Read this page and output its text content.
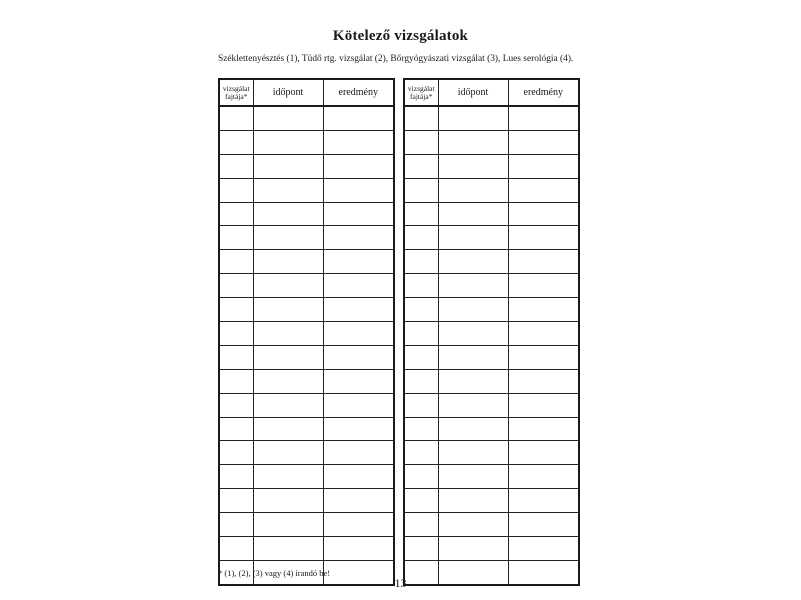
Kötelező vizsgálatok
Széklettenyésztés (1), Tüdő rtg. vizsgálat (2), Bőrgyógyászati vizsgálat (3), Lues serológia (4).
vizsgálat
fajtája*	időpont	eredmény

			vizsgálat
fajtája*	időpont	eredmény

* (1), (2), (3) vagy (4) írandó be!
13
